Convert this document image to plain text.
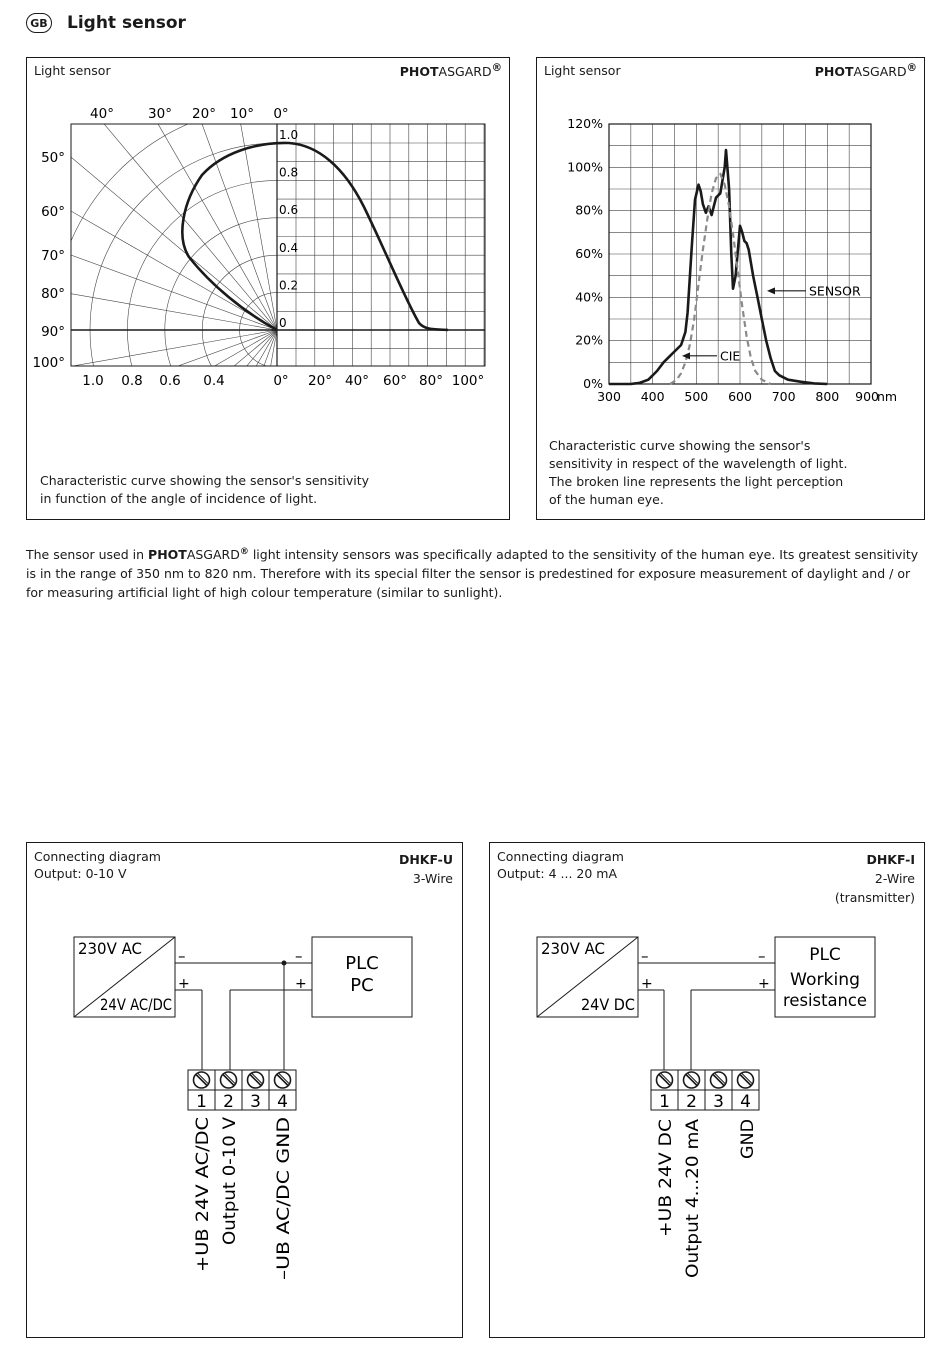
GB Light sensor
Light sensor	PHOTASGARD®
Characteristic curve showing the sensor's sensitivity
in function of the angle of incidence of light.
1.0
0.8
0.6
0.4
0.2
0
40°	30° 20° 10° 0°
50°
60°
70°
80°
90°
100°
1.0 0.8 0.6 0.4	0° 20° 40° 60° 80° 100°
Light sensor	PHOTASGARD®
Characteristic curve showing the sensor's
sensitivity in respect of the wavelength of light.
The broken line represents the light perception
of the human eye.
0%
20%
40%
60%
80%
100%
120%
300 400 500 600 700 800 900
nm
SENSOR
CIE
The sensor used in PHOTASGARD® light intensity sensors was specifically adapted to the sensitivity of the human eye. Its greatest sensitivity is in the range of 350 nm to 820 nm. Therefore with its special filter the sensor is predestined for exposure measurement of daylight and / or for measuring artificial light of high colour temperature (similar to sunlight).
Connecting diagram
Output: 0-10 V
DHKF-U
3-Wire
230V AC
24V AC/DC
–
+
–
+
PLC
PC
1 2 3 4
+UB 24V AC/DC Output 0-10 V –UB AC/DC GND
Connecting diagram
Output: 4 ... 20 mA
DHKF-I
2-Wire
(transmitter)
230V AC
24V DC
–
+
–
+
PLC
Working
resistance
1 2 3 4
+UB 24V DC Output 4...20 mA GND
